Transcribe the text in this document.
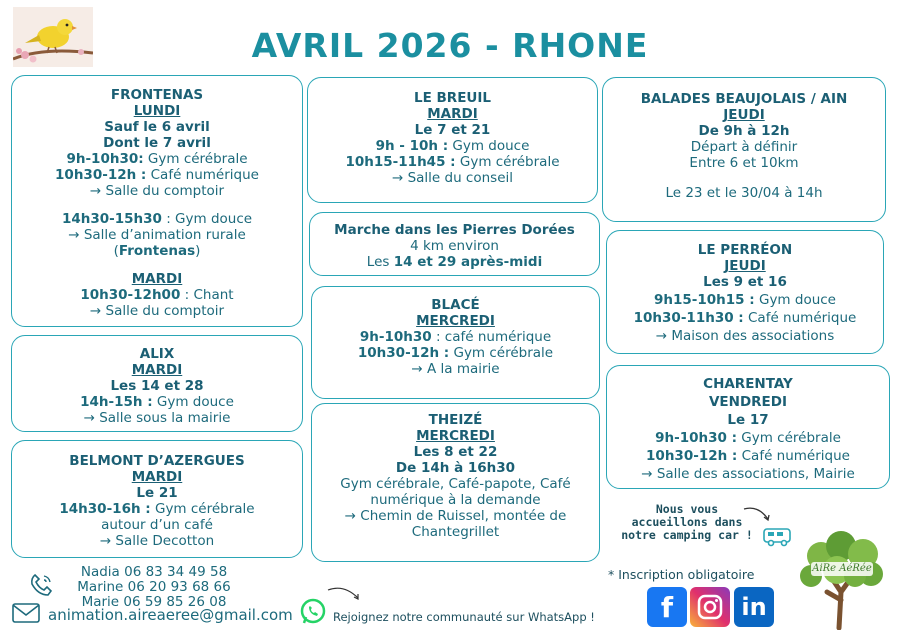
AVRIL 2026 - RHONE
FRONTENAS
LUNDI
Sauf le 6 avril
Dont le 7 avril
9h-10h30: Gym cérébrale
10h30-12h : Café numérique
→ Salle du comptoir
14h30-15h30 : Gym douce
→ Salle d’animation rurale
(Frontenas)
MARDI
10h30-12h00 : Chant
→ Salle du comptoir
ALIX
MARDI
Les 14 et 28
14h-15h : Gym douce
→ Salle sous la mairie
BELMONT D’AZERGUES
MARDI
Le 21
14h30-16h : Gym cérébrale
autour d’un café
→ Salle Decotton
LE BREUIL
MARDI
Le 7 et 21
9h - 10h : Gym douce
10h15-11h45 : Gym cérébrale
→ Salle du conseil
Marche dans les Pierres Dorées
4 km environ
Les 14 et 29 après-midi
BLACÉ
MERCREDI
9h-10h30 : café numérique
10h30-12h : Gym cérébrale
→ A la mairie
THEIZÉ
MERCREDI
Les 8 et 22
De 14h à 16h30
Gym cérébrale, Café-papote, Café
numérique à la demande
→ Chemin de Ruissel, montée de
Chantegrillet
BALADES BEAUJOLAIS / AIN
JEUDI
De 9h à 12h
Départ à définir
Entre 6 et 10km
Le 23 et le 30/04 à 14h
LE PERRÉON
JEUDI
Les 9 et 16
9h15-10h15 : Gym douce
10h30-11h30 : Café numérique
→ Maison des associations
CHARENTAY
VENDREDI
Le 17
9h-10h30 : Gym cérébrale
10h30-12h : Café numérique
→ Salle des associations, Mairie
Nous vous
accueillons dans
notre camping car !
* Inscription obligatoire
f	in
AiRe AéRée
Nadia 06 83 34 49 58
Marine 06 20 93 68 66
Marie 06 59 85 26 08
animation.aireaeree@gmail.com	Rejoignez notre communauté sur WhatsApp !
